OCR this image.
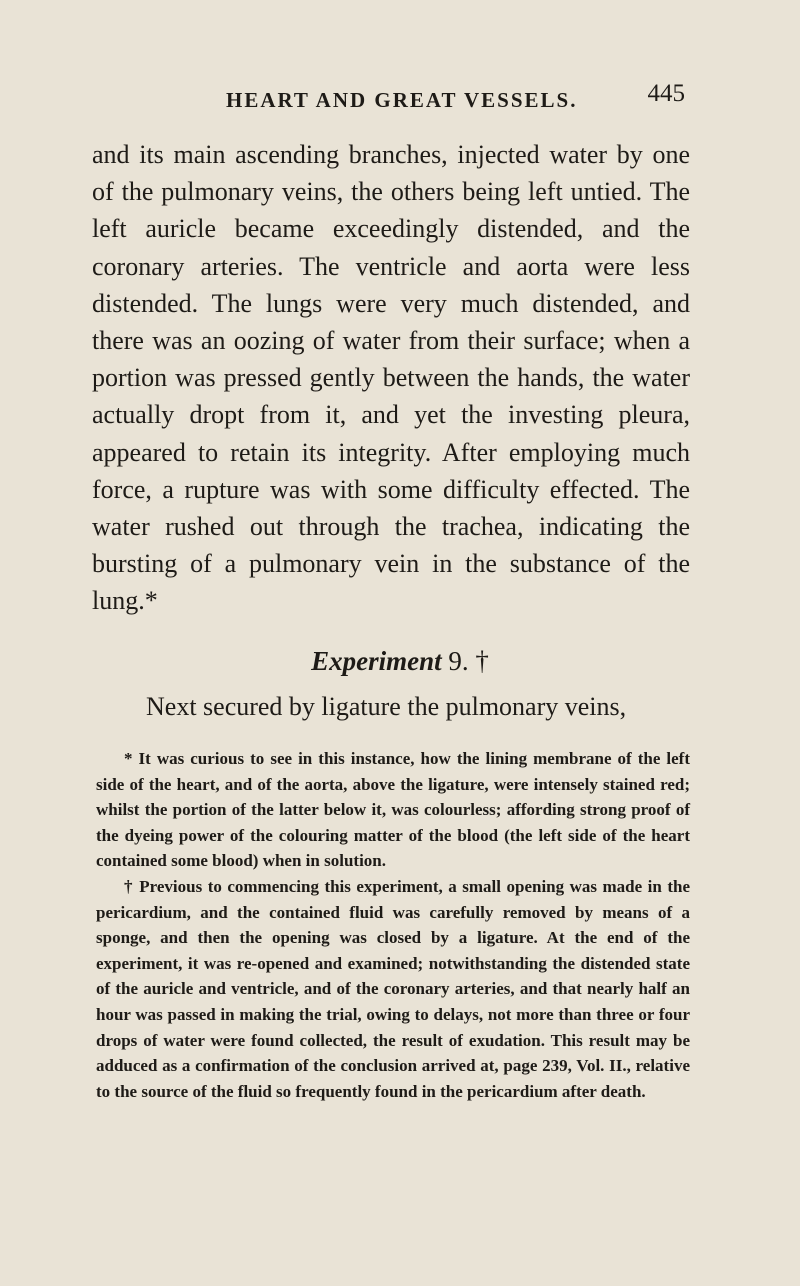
HEART AND GREAT VESSELS.	445

and its main ascending branches, injected water by one of the pulmonary veins, the others being left untied. The left auricle became exceedingly distended, and the coronary arteries. The ventricle and aorta were less distended. The lungs were very much distended, and there was an oozing of water from their surface; when a portion was pressed gently between the hands, the water actually dropt from it, and yet the investing pleura, appeared to retain its integrity. After employing much force, a rupture was with some difficulty effected. The water rushed out through the trachea, indicating the bursting of a pulmonary vein in the substance of the lung.*

Experiment 9. †
Next secured by ligature the pulmonary veins,

* It was curious to see in this instance, how the lining membrane of the left side of the heart, and of the aorta, above the ligature, were intensely stained red; whilst the portion of the latter below it, was colourless; affording strong proof of the dyeing power of the colouring matter of the blood (the left side of the heart contained some blood) when in solution.

† Previous to commencing this experiment, a small opening was made in the pericardium, and the contained fluid was carefully removed by means of a sponge, and then the opening was closed by a ligature. At the end of the experiment, it was re-opened and examined; notwithstanding the distended state of the auricle and ventricle, and of the coronary arteries, and that nearly half an hour was passed in making the trial, owing to delays, not more than three or four drops of water were found collected, the result of exudation. This result may be adduced as a confirmation of the conclusion arrived at, page 239, Vol. II., relative to the source of the fluid so frequently found in the pericardium after death.
